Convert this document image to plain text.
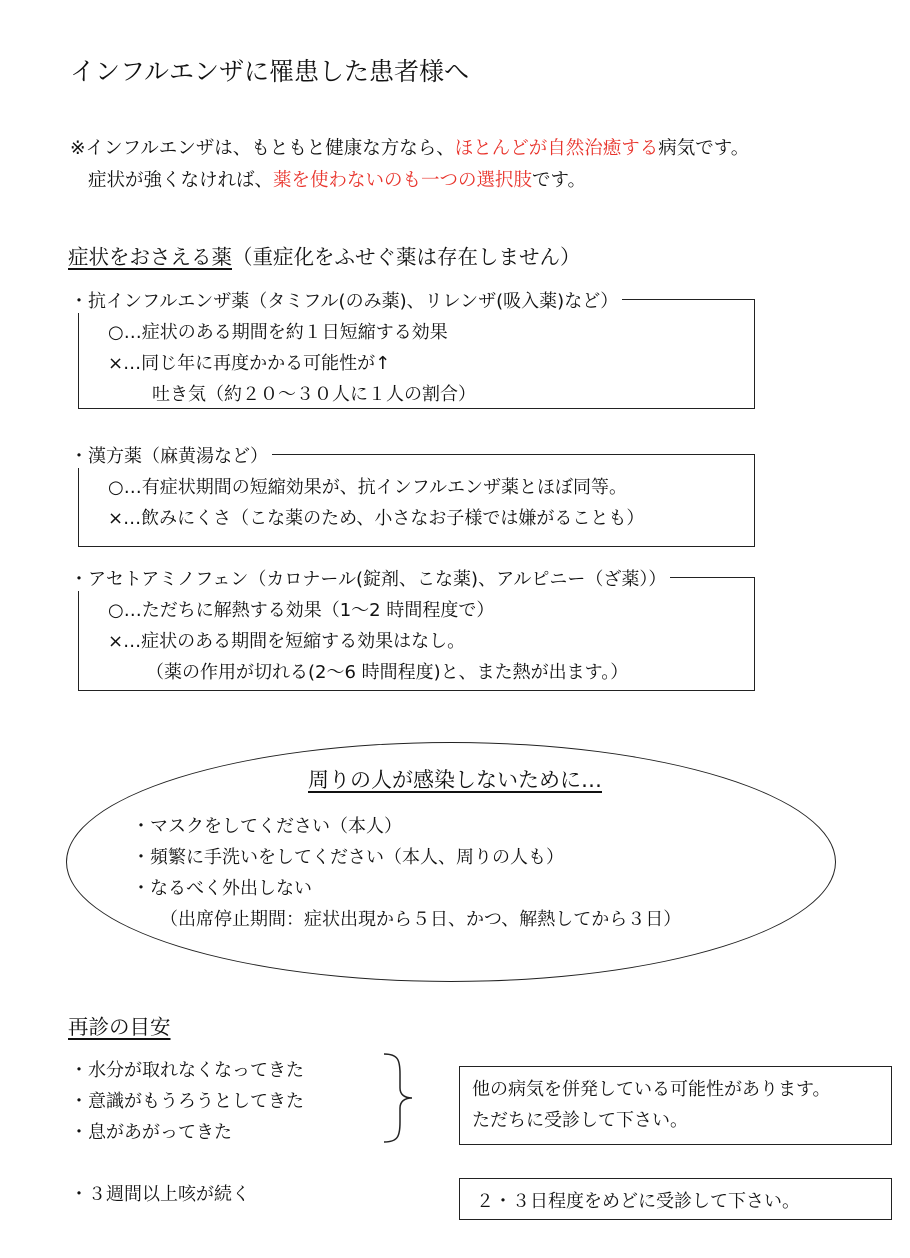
インフルエンザに罹患した患者様へ
※インフルエンザは、もともと健康な方なら、ほとんどが自然治癒する病気です。
症状が強くなければ、薬を使わないのも一つの選択肢です。
症状をおさえる薬（重症化をふせぐ薬は存在しません）
・抗インフルエンザ薬（タミフル(のみ薬)、リレンザ(吸入薬)など）
○…症状のある期間を約１日短縮する効果
×…同じ年に再度かかる可能性が↑
吐き気（約２０～３０人に１人の割合）
・漢方薬（麻黄湯など）
○…有症状期間の短縮効果が、抗インフルエンザ薬とほぼ同等。
×…飲みにくさ（こな薬のため、小さなお子様では嫌がることも）
・アセトアミノフェン（カロナール(錠剤、こな薬)、アルピニー（ざ薬））
○…ただちに解熱する効果（1～2 時間程度で）
×…症状のある期間を短縮する効果はなし。
（薬の作用が切れる(2～6 時間程度)と、また熱が出ます。）
周りの人が感染しないために…
・マスクをしてください（本人）
・頻繁に手洗いをしてください（本人、周りの人も）
・なるべく外出しない
（出席停止期間：症状出現から５日、かつ、解熱してから３日）
再診の目安
・水分が取れなくなってきた
・意識がもうろうとしてきた
・息があがってきた
他の病気を併発している可能性があります。
ただちに受診して下さい。
・３週間以上咳が続く	２・３日程度をめどに受診して下さい。
